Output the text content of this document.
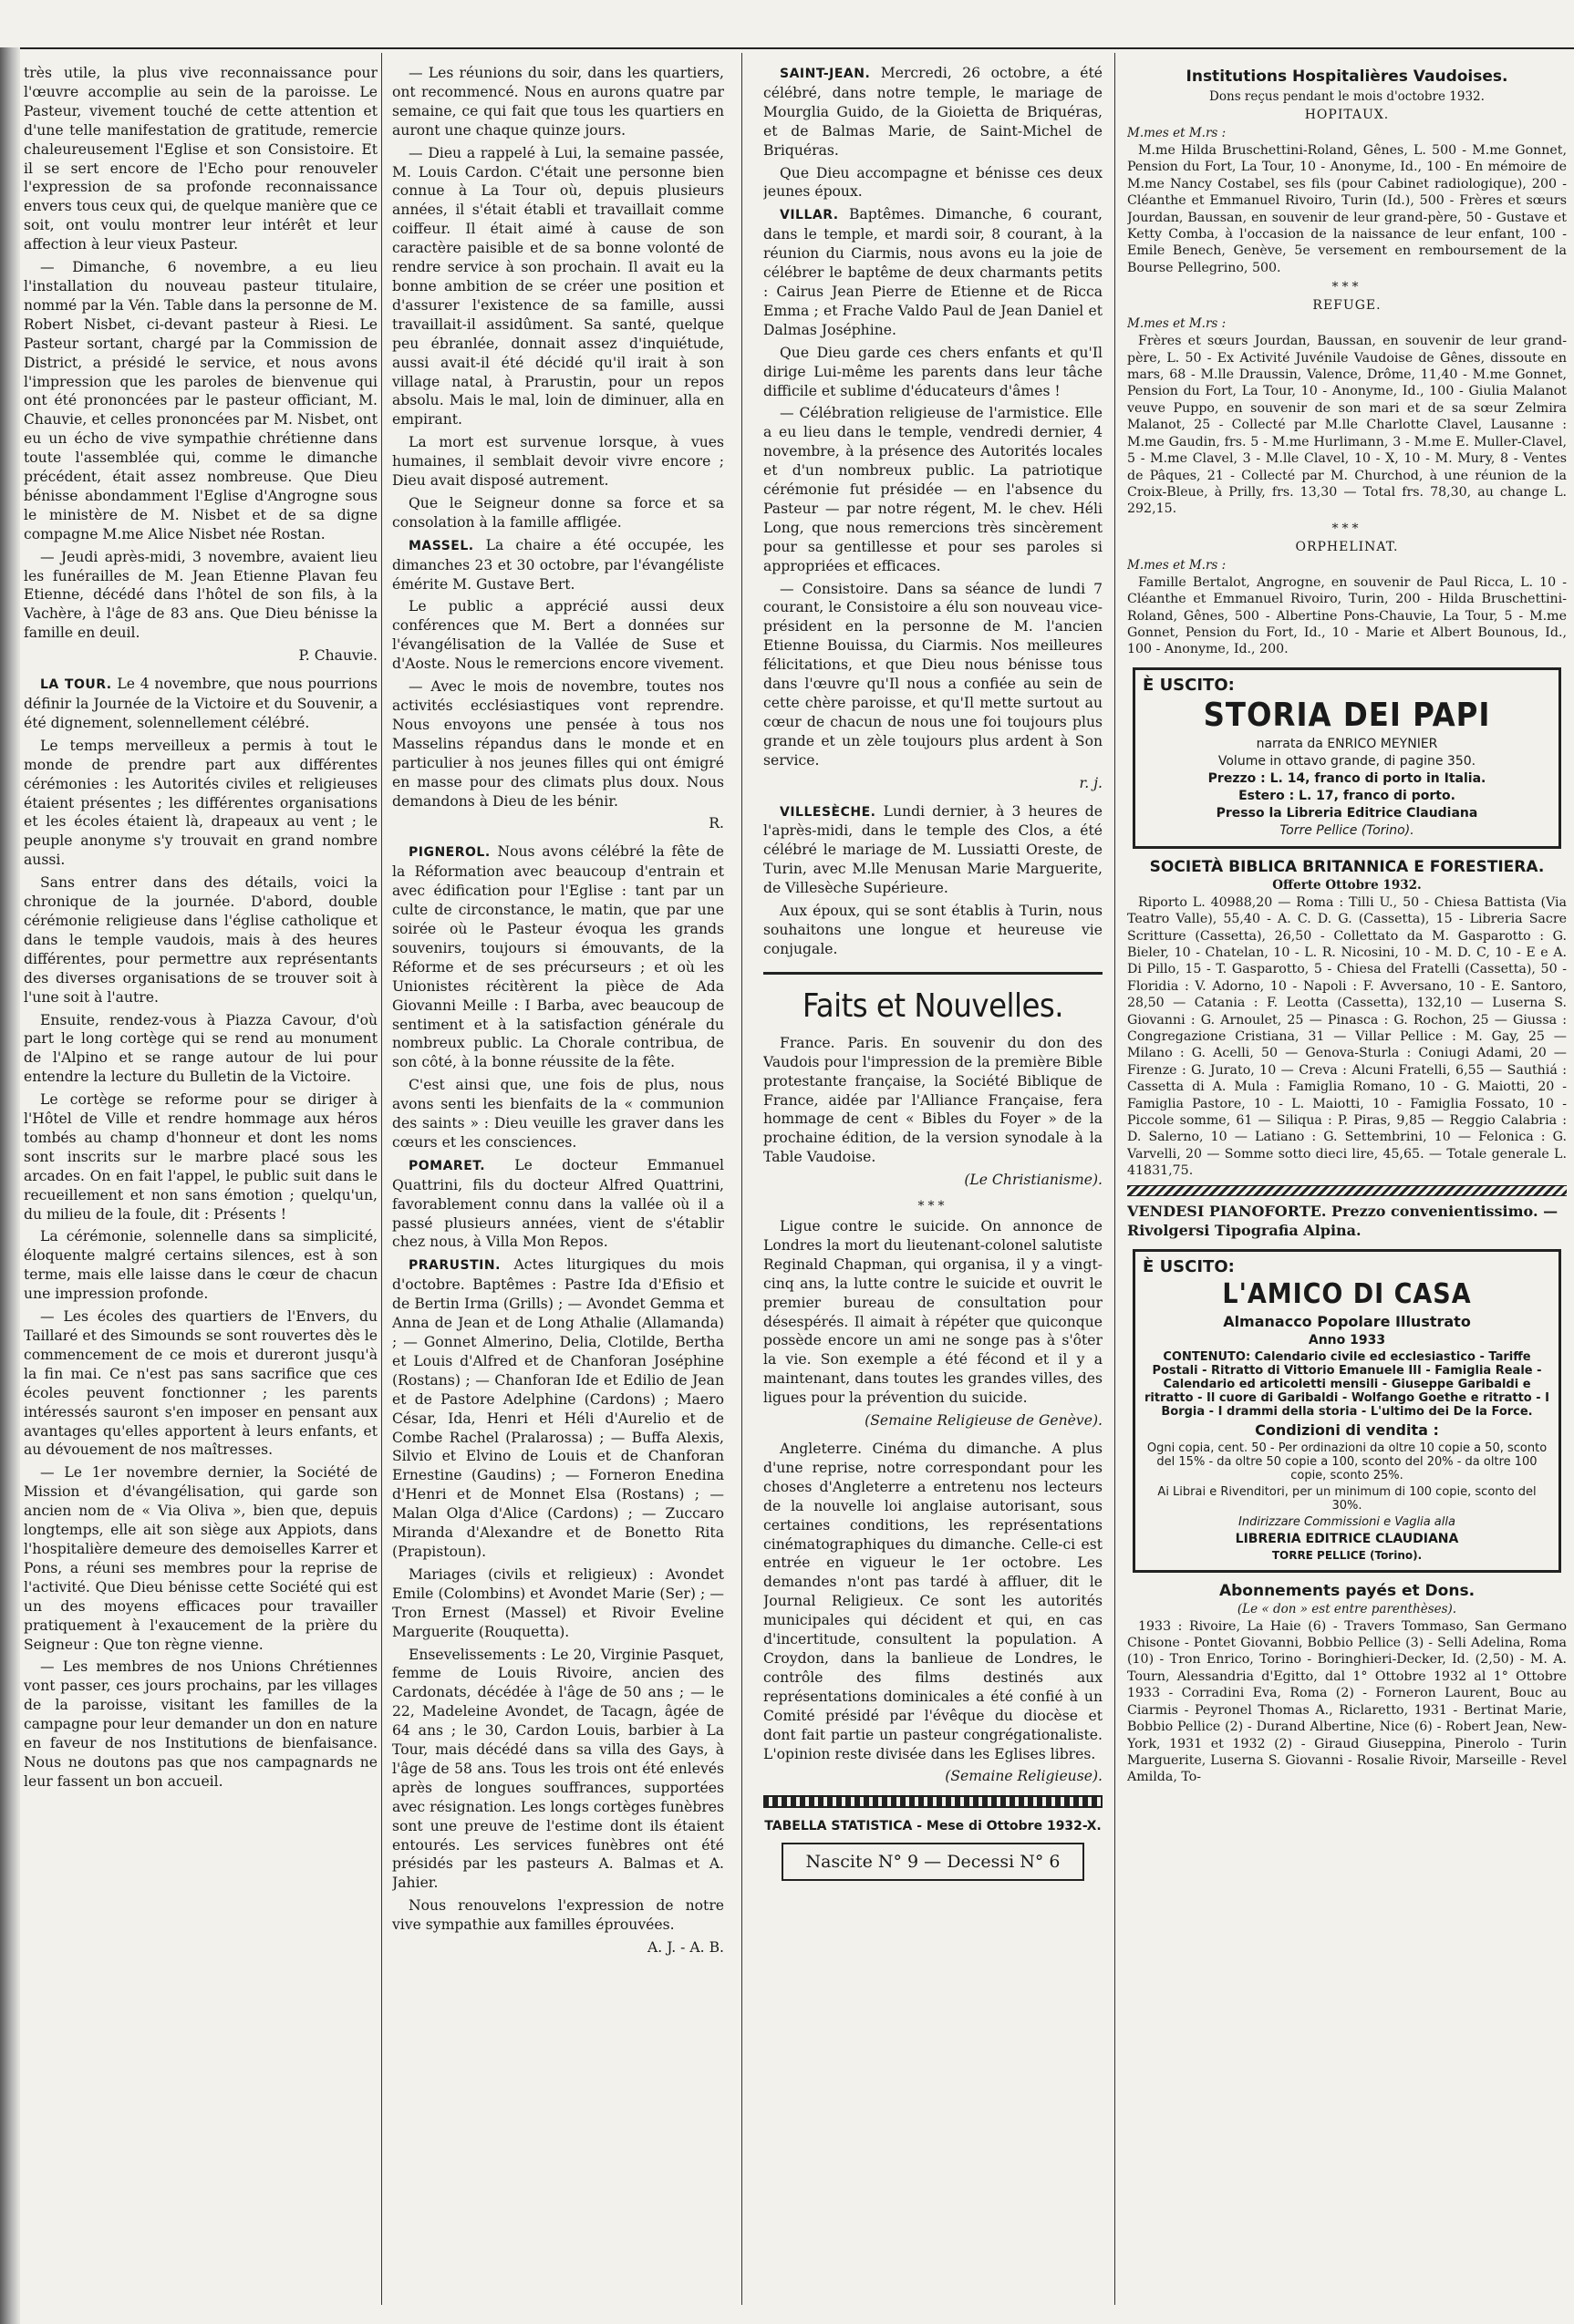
très utile, la plus vive reconnaissance pour l'œuvre accomplie au sein de la paroisse. Le Pasteur, vivement touché de cette attention et d'une telle manifestation de gratitude, remercie chaleureusement l'Eglise et son Consistoire. Et il se sert encore de l'Echo pour renouveler l'expression de sa profonde reconnaissance envers tous ceux qui, de quelque manière que ce soit, ont voulu montrer leur intérêt et leur affection à leur vieux Pasteur.

— Dimanche, 6 novembre, a eu lieu l'installation du nouveau pasteur titulaire, nommé par la Vén. Table dans la personne de M. Robert Nisbet, ci-devant pasteur à Riesi. Le Pasteur sortant, chargé par la Commission de District, a présidé le service, et nous avons l'impression que les paroles de bienvenue qui ont été prononcées par le pasteur officiant, M. Chauvie, et celles prononcées par M. Nisbet, ont eu un écho de vive sympathie chrétienne dans toute l'assemblée qui, comme le dimanche précédent, était assez nombreuse. Que Dieu bénisse abondamment l'Eglise d'Angrogne sous le ministère de M. Nisbet et de sa digne compagne M.me Alice Nisbet née Rostan.

— Jeudi après-midi, 3 novembre, avaient lieu les funérailles de M. Jean Etienne Plavan feu Etienne, décédé dans l'hôtel de son fils, à la Vachère, à l'âge de 83 ans. Que Dieu bénisse la famille en deuil.

P. Chauvie.

LA TOUR. Le 4 novembre, que nous pourrions définir la Journée de la Victoire et du Souvenir, a été dignement, solennellement célébré.

Le temps merveilleux a permis à tout le monde de prendre part aux différentes cérémonies : les Autorités civiles et religieuses étaient présentes ; les différentes organisations et les écoles étaient là, drapeaux au vent ; le peuple anonyme s'y trouvait en grand nombre aussi.

Sans entrer dans des détails, voici la chronique de la journée. D'abord, double cérémonie religieuse dans l'église catholique et dans le temple vaudois, mais à des heures différentes, pour permettre aux représentants des diverses organisations de se trouver soit à l'une soit à l'autre.

Ensuite, rendez-vous à Piazza Cavour, d'où part le long cortège qui se rend au monument de l'Alpino et se range autour de lui pour entendre la lecture du Bulletin de la Victoire.

Le cortège se reforme pour se diriger à l'Hôtel de Ville et rendre hommage aux héros tombés au champ d'honneur et dont les noms sont inscrits sur le marbre placé sous les arcades. On en fait l'appel, le public suit dans le recueillement et non sans émotion ; quelqu'un, du milieu de la foule, dit : Présents !

La cérémonie, solennelle dans sa simplicité, éloquente malgré certains silences, est à son terme, mais elle laisse dans le cœur de chacun une impression profonde.

— Les écoles des quartiers de l'Envers, du Taillaré et des Simounds se sont rouvertes dès le commencement de ce mois et dureront jusqu'à la fin mai. Ce n'est pas sans sacrifice que ces écoles peuvent fonctionner ; les parents intéressés sauront s'en imposer en pensant aux avantages qu'elles apportent à leurs enfants, et au dévouement de nos maîtresses.

— Le 1er novembre dernier, la Société de Mission et d'évangélisation, qui garde son ancien nom de « Via Oliva », bien que, depuis longtemps, elle ait son siège aux Appiots, dans l'hospitalière demeure des demoiselles Karrer et Pons, a réuni ses membres pour la reprise de l'activité. Que Dieu bénisse cette Société qui est un des moyens efficaces pour travailler pratiquement à l'exaucement de la prière du Seigneur : Que ton règne vienne.

— Les membres de nos Unions Chrétiennes vont passer, ces jours prochains, par les villages de la paroisse, visitant les familles de la campagne pour leur demander un don en nature en faveur de nos Institutions de bienfaisance. Nous ne doutons pas que nos campagnards ne leur fassent un bon accueil.

— Les réunions du soir, dans les quartiers, ont recommencé. Nous en aurons quatre par semaine, ce qui fait que tous les quartiers en auront une chaque quinze jours.

— Dieu a rappelé à Lui, la semaine passée, M. Louis Cardon. C'était une personne bien connue à La Tour où, depuis plusieurs années, il s'était établi et travaillait comme coiffeur. Il était aimé à cause de son caractère paisible et de sa bonne volonté de rendre service à son prochain. Il avait eu la bonne ambition de se créer une position et d'assurer l'existence de sa famille, aussi travaillait-il assidûment. Sa santé, quelque peu ébranlée, donnait assez d'inquiétude, aussi avait-il été décidé qu'il irait à son village natal, à Prarustin, pour un repos absolu. Mais le mal, loin de diminuer, alla en empirant.

La mort est survenue lorsque, à vues humaines, il semblait devoir vivre encore ; Dieu avait disposé autrement.

Que le Seigneur donne sa force et sa consolation à la famille affligée.

MASSEL. La chaire a été occupée, les dimanches 23 et 30 octobre, par l'évangéliste émérite M. Gustave Bert.

Le public a apprécié aussi deux conférences que M. Bert a données sur l'évangélisation de la Vallée de Suse et d'Aoste. Nous le remercions encore vivement.

— Avec le mois de novembre, toutes nos activités ecclésiastiques vont reprendre. Nous envoyons une pensée à tous nos Masselins répandus dans le monde et en particulier à nos jeunes filles qui ont émigré en masse pour des climats plus doux. Nous demandons à Dieu de les bénir.

R.

PIGNEROL. Nous avons célébré la fête de la Réformation avec beaucoup d'entrain et avec édification pour l'Eglise : tant par un culte de circonstance, le matin, que par une soirée où le Pasteur évoqua les grands souvenirs, toujours si émouvants, de la Réforme et de ses précurseurs ; et où les Unionistes récitèrent la pièce de Ada Giovanni Meille : I Barba, avec beaucoup de sentiment et à la satisfaction générale du nombreux public. La Chorale contribua, de son côté, à la bonne réussite de la fête.

C'est ainsi que, une fois de plus, nous avons senti les bienfaits de la « communion des saints » : Dieu veuille les graver dans les cœurs et les consciences.

POMARET. Le docteur Emmanuel Quattrini, fils du docteur Alfred Quattrini, favorablement connu dans la vallée où il a passé plusieurs années, vient de s'établir chez nous, à Villa Mon Repos.

PRARUSTIN. Actes liturgiques du mois d'octobre. Baptêmes : Pastre Ida d'Efisio et de Bertin Irma (Grills) ; — Avondet Gemma et Anna de Jean et de Long Athalie (Allamanda) ; — Gonnet Almerino, Delia, Clotilde, Bertha et Louis d'Alfred et de Chanforan Joséphine (Rostans) ; — Chanforan Ide et Edilio de Jean et de Pastore Adelphine (Cardons) ; Maero César, Ida, Henri et Héli d'Aurelio et de Combe Rachel (Pralarossa) ; — Buffa Alexis, Silvio et Elvino de Louis et de Chanforan Ernestine (Gaudins) ; — Forneron Enedina d'Henri et de Monnet Elsa (Rostans) ; — Malan Olga d'Alice (Cardons) ; — Zuccaro Miranda d'Alexandre et de Bonetto Rita (Prapistoun).

Mariages (civils et religieux) : Avondet Emile (Colombins) et Avondet Marie (Ser) ; — Tron Ernest (Massel) et Rivoir Eveline Marguerite (Rouquetta).

Ensevelissements : Le 20, Virginie Pasquet, femme de Louis Rivoire, ancien des Cardonats, décédée à l'âge de 50 ans ; — le 22, Madeleine Avondet, de Tacagn, âgée de 64 ans ; le 30, Cardon Louis, barbier à La Tour, mais décédé dans sa villa des Gays, à l'âge de 58 ans. Tous les trois ont été enlevés après de longues souffrances, supportées avec résignation. Les longs cortèges funèbres sont une preuve de l'estime dont ils étaient entourés. Les services funèbres ont été présidés par les pasteurs A. Balmas et A. Jahier.

Nous renouvelons l'expression de notre vive sympathie aux familles éprouvées.

A. J. - A. B.

SAINT-JEAN. Mercredi, 26 octobre, a été célébré, dans notre temple, le mariage de Mourglia Guido, de la Gioietta de Briquéras, et de Balmas Marie, de Saint-Michel de Briquéras.

Que Dieu accompagne et bénisse ces deux jeunes époux.

VILLAR. Baptêmes. Dimanche, 6 courant, dans le temple, et mardi soir, 8 courant, à la réunion du Ciarmis, nous avons eu la joie de célébrer le baptême de deux charmants petits : Cairus Jean Pierre de Etienne et de Ricca Emma ; et Frache Valdo Paul de Jean Daniel et Dalmas Joséphine.

Que Dieu garde ces chers enfants et qu'Il dirige Lui-même les parents dans leur tâche difficile et sublime d'éducateurs d'âmes !

— Célébration religieuse de l'armistice. Elle a eu lieu dans le temple, vendredi dernier, 4 novembre, à la présence des Autorités locales et d'un nombreux public. La patriotique cérémonie fut présidée — en l'absence du Pasteur — par notre régent, M. le chev. Héli Long, que nous remercions très sincèrement pour sa gentillesse et pour ses paroles si appropriées et efficaces.

— Consistoire. Dans sa séance de lundi 7 courant, le Consistoire a élu son nouveau vice-président en la personne de M. l'ancien Etienne Bouissa, du Ciarmis. Nos meilleures félicitations, et que Dieu nous bénisse tous dans l'œuvre qu'Il nous a confiée au sein de cette chère paroisse, et qu'Il mette surtout au cœur de chacun de nous une foi toujours plus grande et un zèle toujours plus ardent à Son service.

r. j.

VILLESÈCHE. Lundi dernier, à 3 heures de l'après-midi, dans le temple des Clos, a été célébré le mariage de M. Lussiatti Oreste, de Turin, avec M.lle Menusan Marie Marguerite, de Villesèche Supérieure.

Aux époux, qui se sont établis à Turin, nous souhaitons une longue et heureuse vie conjugale.

Faits et Nouvelles.

France. Paris. En souvenir du don des Vaudois pour l'impression de la première Bible protestante française, la Société Biblique de France, aidée par l'Alliance Française, fera hommage de cent « Bibles du Foyer » de la prochaine édition, de la version synodale à la Table Vaudoise.

(Le Christianisme).
***

Ligue contre le suicide. On annonce de Londres la mort du lieutenant-colonel salutiste Reginald Chapman, qui organisa, il y a vingt-cinq ans, la lutte contre le suicide et ouvrit le premier bureau de consultation pour désespérés. Il aimait à répéter que quiconque possède encore un ami ne songe pas à s'ôter la vie. Son exemple a été fécond et il y a maintenant, dans toutes les grandes villes, des ligues pour la prévention du suicide.

(Semaine Religieuse de Genève).

Angleterre. Cinéma du dimanche. A plus d'une reprise, notre correspondant pour les choses d'Angleterre a entretenu nos lecteurs de la nouvelle loi anglaise autorisant, sous certaines conditions, les représentations cinématographiques du dimanche. Celle-ci est entrée en vigueur le 1er octobre. Les demandes n'ont pas tardé à affluer, dit le Journal Religieux. Ce sont les autorités municipales qui décident et qui, en cas d'incertitude, consultent la population. A Croydon, dans la banlieue de Londres, le contrôle des films destinés aux représentations dominicales a été confié à un Comité présidé par l'évêque du diocèse et dont fait partie un pasteur congrégationaliste. L'opinion reste divisée dans les Eglises libres.

(Semaine Religieuse).
TABELLA STATISTICA - Mese di Ottobre 1932-X.
Nascite N° 9 — Decessi N° 6
Institutions Hospitalières Vaudoises.
Dons reçus pendant le mois d'octobre 1932.
HOPITAUX.
M.mes et M.rs :

M.me Hilda Bruschettini-Roland, Gênes, L. 500 - M.me Gonnet, Pension du Fort, La Tour, 10 - Anonyme, Id., 100 - En mémoire de M.me Nancy Costabel, ses fils (pour Cabinet radiologique), 200 - Cléanthe et Emmanuel Rivoiro, Turin (Id.), 500 - Frères et sœurs Jourdan, Baussan, en souvenir de leur grand-père, 50 - Gustave et Ketty Comba, à l'occasion de la naissance de leur enfant, 100 - Emile Benech, Genève, 5e versement en remboursement de la Bourse Pellegrino, 500.

***
REFUGE.
M.mes et M.rs :

Frères et sœurs Jourdan, Baussan, en souvenir de leur grand-père, L. 50 - Ex Activité Juvénile Vaudoise de Gênes, dissoute en mars, 68 - M.lle Draussin, Valence, Drôme, 11,40 - M.me Gonnet, Pension du Fort, La Tour, 10 - Anonyme, Id., 100 - Giulia Malanot veuve Puppo, en souvenir de son mari et de sa sœur Zelmira Malanot, 25 - Collecté par M.lle Charlotte Clavel, Lausanne : M.me Gaudin, frs. 5 - M.me Hurlimann, 3 - M.me E. Muller-Clavel, 5 - M.me Clavel, 3 - M.lle Clavel, 10 - X, 10 - M. Mury, 8 - Ventes de Pâques, 21 - Collecté par M. Churchod, à une réunion de la Croix-Bleue, à Prilly, frs. 13,30 — Total frs. 78,30, au change L. 292,15.

***
ORPHELINAT.
M.mes et M.rs :

Famille Bertalot, Angrogne, en souvenir de Paul Ricca, L. 10 - Cléanthe et Emmanuel Rivoiro, Turin, 200 - Hilda Bruschettini-Roland, Gênes, 500 - Albertine Pons-Chauvie, La Tour, 5 - M.me Gonnet, Pension du Fort, Id., 10 - Marie et Albert Bounous, Id., 100 - Anonyme, Id., 200.

È USCITO:
STORIA DEI PAPI
narrata da ENRICO MEYNIER
Volume in ottavo grande, di pagine 350.
Prezzo : L. 14, franco di porto in Italia.
Estero : L. 17, franco di porto.
Presso la Libreria Editrice Claudiana
Torre Pellice (Torino).
SOCIETÀ BIBLICA BRITANNICA E FORESTIERA.
Offerte Ottobre 1932.

Riporto L. 40988,20 — Roma : Tilli U., 50 - Chiesa Battista (Via Teatro Valle), 55,40 - A. C. D. G. (Cassetta), 15 - Libreria Sacre Scritture (Cassetta), 26,50 - Collettato da M. Gasparotto : G. Bieler, 10 - Chatelan, 10 - L. R. Nicosini, 10 - M. D. C, 10 - E e A. Di Pillo, 15 - T. Gasparotto, 5 - Chiesa del Fratelli (Cassetta), 50 - Floridia : V. Adorno, 10 - Napoli : F. Avversano, 10 - E. Santoro, 28,50 — Catania : F. Leotta (Cassetta), 132,10 — Luserna S. Giovanni : G. Arnoulet, 25 — Pinasca : G. Rochon, 25 — Giussa : Congregazione Cristiana, 31 — Villar Pellice : M. Gay, 25 — Milano : G. Acelli, 50 — Genova-Sturla : Coniugi Adami, 20 — Firenze : G. Jurato, 10 — Creva : Alcuni Fratelli, 6,55 — Sauthiá : Cassetta di A. Mula : Famiglia Romano, 10 - G. Maiotti, 20 - Famiglia Pastore, 10 - L. Maiotti, 10 - Famiglia Fossato, 10 - Piccole somme, 61 — Siliqua : P. Piras, 9,85 — Reggio Calabria : D. Salerno, 10 — Latiano : G. Settembrini, 10 — Felonica : G. Varvelli, 20 — Somme sotto dieci lire, 45,65. — Totale generale L. 41831,75.

VENDESI PIANOFORTE. Prezzo convenientissimo. — Rivolgersi Tipografia Alpina.

È USCITO:
L'AMICO DI CASA
Almanacco Popolare Illustrato
Anno 1933
CONTENUTO: Calendario civile ed ecclesiastico - Tariffe Postali - Ritratto di Vittorio Emanuele III - Famiglia Reale - Calendario ed articoletti mensili - Giuseppe Garibaldi e ritratto - Il cuore di Garibaldi - Wolfango Goethe e ritratto - I Borgia - I drammi della storia - L'ultimo dei De la Force.
Condizioni di vendita :
Ogni copia, cent. 50 - Per ordinazioni da oltre 10 copie a 50, sconto del 15% - da oltre 50 copie a 100, sconto del 20% - da oltre 100 copie, sconto 25%.
Ai Librai e Rivenditori, per un minimum di 100 copie, sconto del 30%.
Indirizzare Commissioni e Vaglia alla
LIBRERIA EDITRICE CLAUDIANA
TORRE PELLICE (Torino).
Abonnements payés et Dons.
(Le « don » est entre parenthèses).

1933 : Rivoire, La Haie (6) - Travers Tommaso, San Germano Chisone - Pontet Giovanni, Bobbio Pellice (3) - Selli Adelina, Roma (10) - Tron Enrico, Torino - Boringhieri-Decker, Id. (2,50) - M. A. Tourn, Alessandria d'Egitto, dal 1° Ottobre 1932 al 1° Ottobre 1933 - Corradini Eva, Roma (2) - Forneron Laurent, Bouc au Ciarmis - Peyronel Thomas A., Riclaretto, 1931 - Bertinat Marie, Bobbio Pellice (2) - Durand Albertine, Nice (6) - Robert Jean, New-York, 1931 et 1932 (2) - Giraud Giuseppina, Pinerolo - Turin Marguerite, Luserna S. Giovanni - Rosalie Rivoir, Marseille - Revel Amilda, To-
